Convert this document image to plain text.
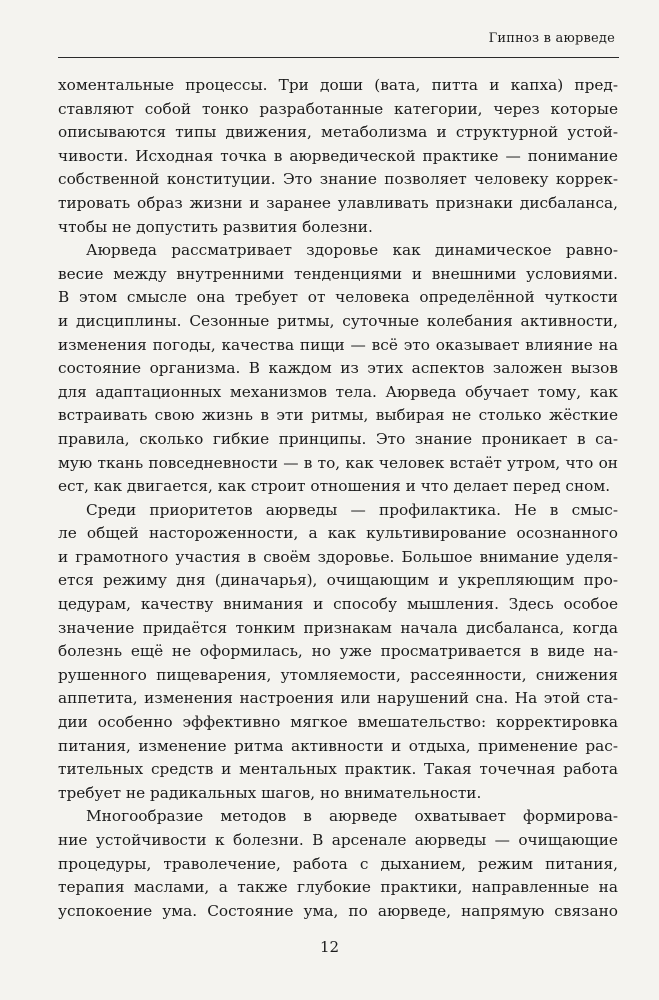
Гипноз в аюрведе
хоментальные процессы. Три доши (вата, питта и капха) пред-
ставляют собой тонко разработанные категории, через которые
описываются типы движения, метаболизма и структурной устой-
чивости. Исходная точка в аюрведической практике — понимание
собственной конституции. Это знание позволяет человеку коррек-
тировать образ жизни и заранее улавливать признаки дисбаланса,
чтобы не допустить развития болезни.
Аюрведа рассматривает здоровье как динамическое равно-
весие между внутренними тенденциями и внешними условиями.
В этом смысле она требует от человека определённой чуткости
и дисциплины. Сезонные ритмы, суточные колебания активности,
изменения погоды, качества пищи — всё это оказывает влияние на
состояние организма. В каждом из этих аспектов заложен вызов
для адаптационных механизмов тела. Аюрведа обучает тому, как
встраивать свою жизнь в эти ритмы, выбирая не столько жёсткие
правила, сколько гибкие принципы. Это знание проникает в са-
мую ткань повседневности — в то, как человек встаёт утром, что он
ест, как двигается, как строит отношения и что делает перед сном.
Среди приоритетов аюрведы — профилактика. Не в смыс-
ле общей настороженности, а как культивирование осознанного
и грамотного участия в своём здоровье. Большое внимание уделя-
ется режиму дня (диначарья), очищающим и укрепляющим про-
цедурам, качеству внимания и способу мышления. Здесь особое
значение придаётся тонким признакам начала дисбаланса, когда
болезнь ещё не оформилась, но уже просматривается в виде на-
рушенного пищеварения, утомляемости, рассеянности, снижения
аппетита, изменения настроения или нарушений сна. На этой ста-
дии особенно эффективно мягкое вмешательство: корректировка
питания, изменение ритма активности и отдыха, применение рас-
тительных средств и ментальных практик. Такая точечная работа
требует не радикальных шагов, но внимательности.
Многообразие методов в аюрведе охватывает формирова-
ние устойчивости к болезни. В арсенале аюрведы — очищающие
процедуры, траволечение, работа с дыханием, режим питания,
терапия маслами, а также глубокие практики, направленные на
успокоение ума. Состояние ума, по аюрведе, напрямую связано
12
